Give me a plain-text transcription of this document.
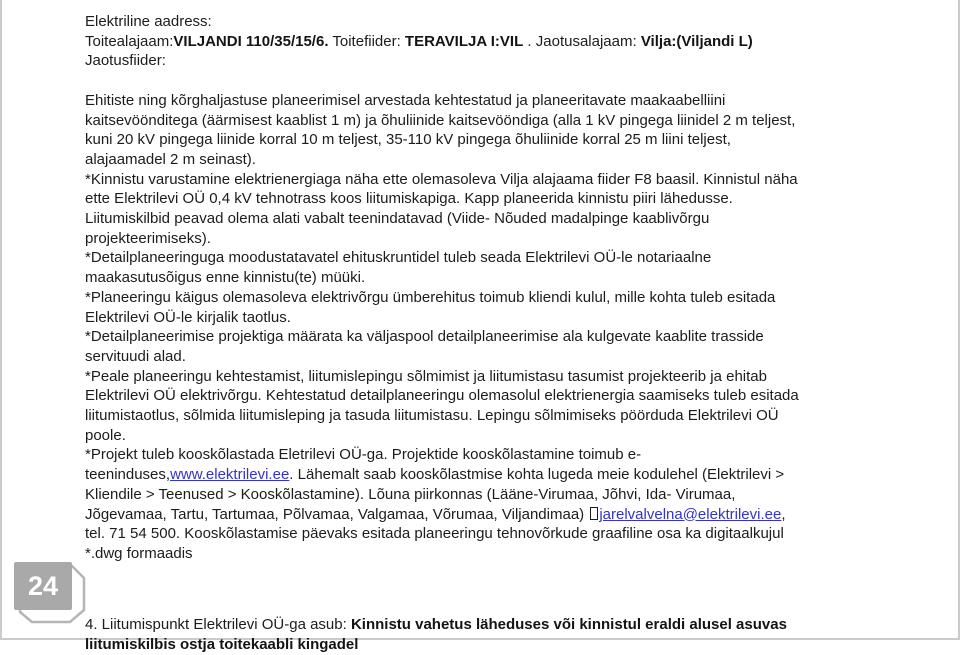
Elektriline aadress:
Toitealajaam:VILJANDI 110/35/15/6. Toitefiider: TERAVILJA I:VIL . Jaotusalajaam: Vilja:(Viljandi L)
Jaotusfiider:

Ehitiste ning kõrghaljastuse planeerimisel arvestada kehtestatud ja planeeritavate maakaabelliini
kaitsevöönditega (äärmisest kaablist 1 m) ja õhuliinide kaitsevööndiga (alla 1 kV pingega liinidel 2 m teljest,
kuni 20 kV pingega liinide korral 10 m teljest, 35-110 kV pingega õhuliinide korral 25 m liini teljest,
alajaamadel 2 m seinast).
*Kinnistu varustamine elektrienergiaga näha ette olemasoleva Vilja alajaama fiider F8 baasil. Kinnistul näha
ette Elektrilevi OÜ 0,4 kV tehnotrass koos liitumiskapiga. Kapp planeerida kinnistu piiri lähedusse.
Liitumiskilbid peavad olema alati vabalt teenindatavad (Viide- Nõuded madalpinge kaablivõrgu
projekteerimiseks).
*Detailplaneeringuga moodustatavatel ehituskruntidel tuleb seada Elektrilevi OÜ-le notariaalne
maakasutusõigus enne kinnistu(te) müüki.
*Planeeringu käigus olemasoleva elektrivõrgu ümberehitus toimub kliendi kulul, mille kohta tuleb esitada
Elektrilevi OÜ-le kirjalik taotlus.
*Detailplaneerimise projektiga määrata ka väljaspool detailplaneerimise ala kulgevate kaablite trasside
servituudi alad.
*Peale planeeringu kehtestamist, liitumislepingu sõlmimist ja liitumistasu tasumist projekteerib ja ehitab
Elektrilevi OÜ elektrivõrgu. Kehtestatud detailplaneeringu olemasolul elektrienergia saamiseks tuleb esitada
liitumistaotlus, sõlmida liitumisleping ja tasuda liitumistasu. Lepingu sõlmimiseks pöörduda Elektrilevi OÜ
poole.
*Projekt tuleb kooskõlastada Eletrilevi OÜ-ga. Projektide kooskõlastamine toimub e-
teeninduses,www.elektrilevi.ee. Lähemalt saab kooskõlastmise kohta lugeda meie kodulehel (Elektrilevi >
Kliendile > Teenused > Kooskõlastamine). Lõuna piirkonnas (Lääne-Virumaa, Jõhvi, Ida- Virumaa,
Jõgevamaa, Tartu, Tartumaa, Põlvamaa, Valgamaa, Võrumaa, Viljandimaa) jarelvalvelna@elektrilevi.ee,
tel. 71 54 500. Kooskõlastamise päevaks esitada planeeringu tehnovõrkude graafiline osa ka digitaalkujul
*.dwg formaadis

4. Liitumispunkt Elektrilevi OÜ-ga asub: Kinnistu vahetus läheduses või kinnistul eraldi alusel asuvas
liitumiskilbis ostja toitekaabli kingadel
24
